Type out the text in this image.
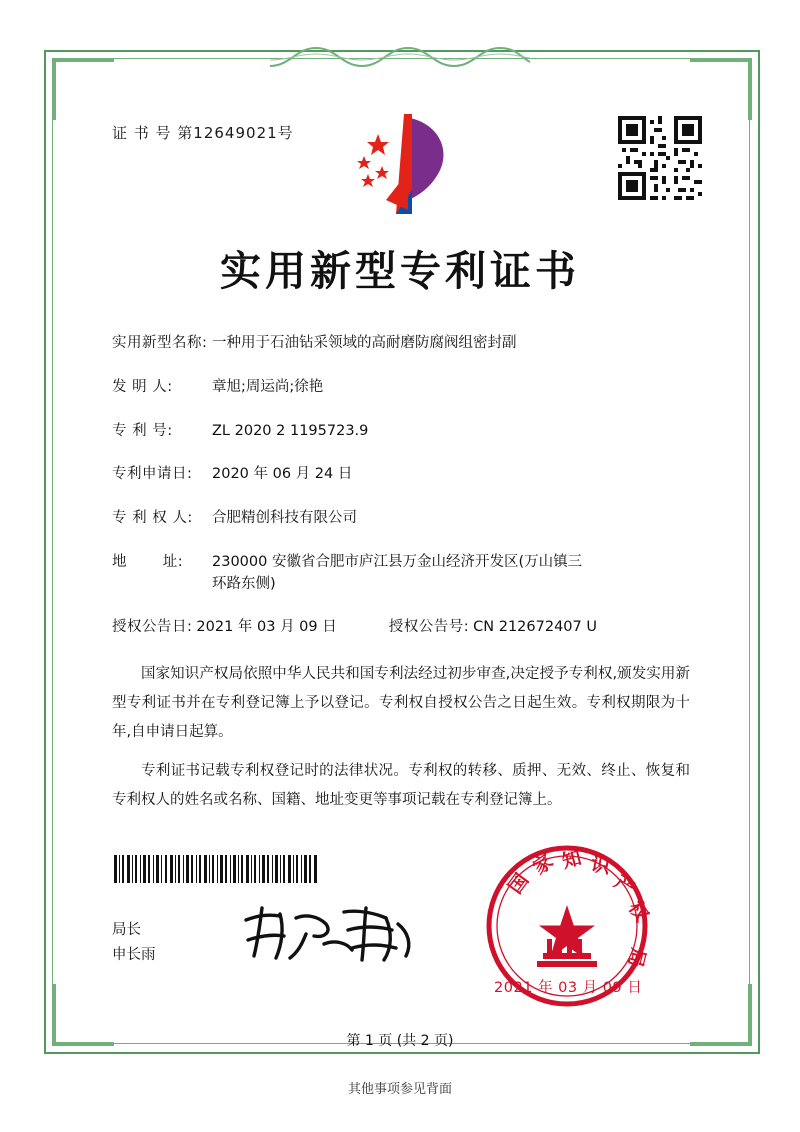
证 书 号 第12649021号
实用新型专利证书
实用新型名称: 一种用于石油钻采领域的高耐磨防腐阀组密封副
发 明 人:	章旭;周运尚;徐艳
专 利 号:	ZL 2020 2 1195723.9
专利申请日:	2020 年 06 月 24 日
专 利 权 人:	合肥精创科技有限公司
地       址:	230000 安徽省合肥市庐江县万金山经济开发区(万山镇三
环路东侧)
授权公告日: 2021 年 03 月 09 日	授权公告号: CN 212672407 U

国家知识产权局依照中华人民共和国专利法经过初步审查,决定授予专利权,颁发实用新型专利证书并在专利登记簿上予以登记。专利权自授权公告之日起生效。专利权期限为十年,自申请日起算。

专利证书记载专利权登记时的法律状况。专利权的转移、质押、无效、终止、恢复和专利权人的姓名或名称、国籍、地址变更等事项记载在专利登记簿上。

局长
申长雨
国
家 知 识
产
权
局
2021 年 03 月 09 日
第 1 页 (共 2 页)
其他事项参见背面
